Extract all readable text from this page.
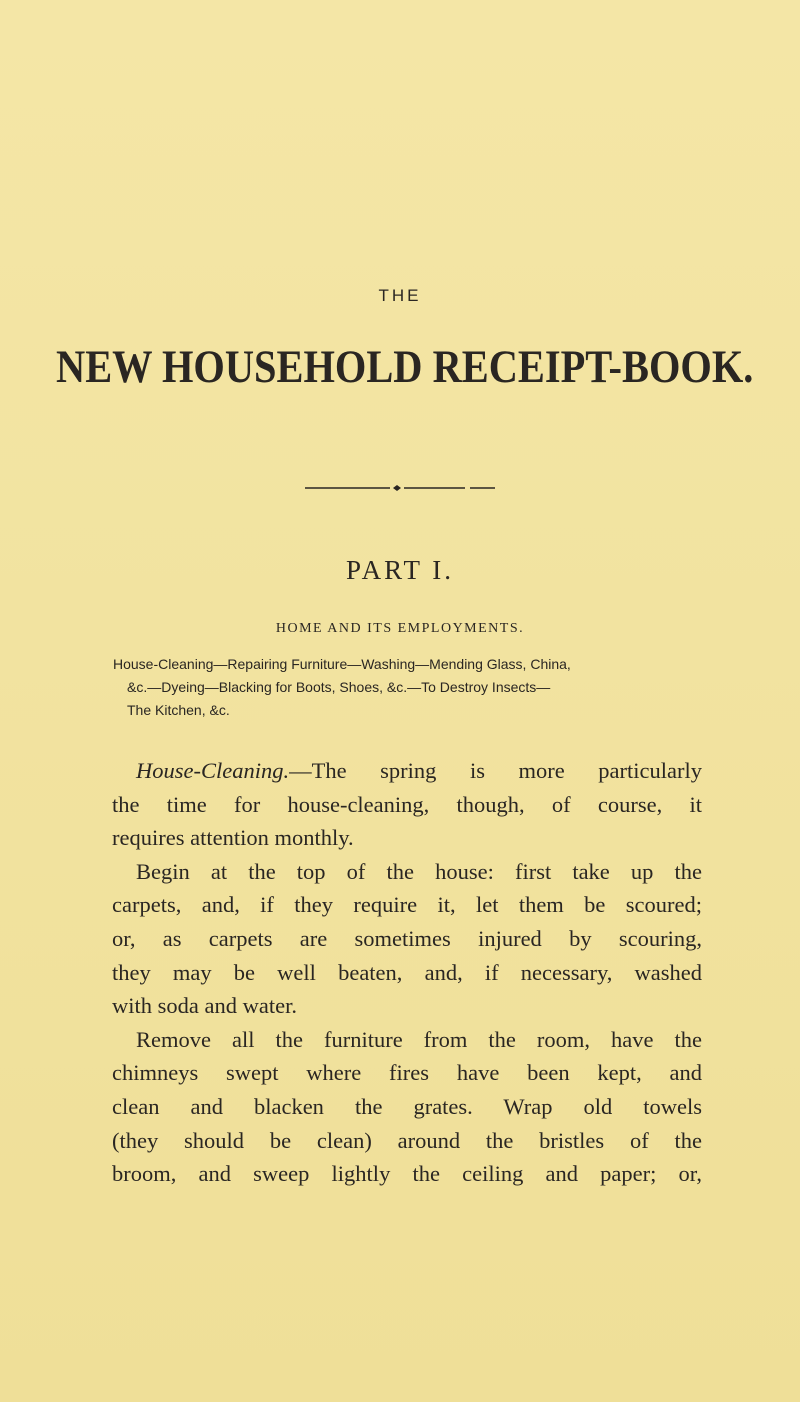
THE
NEW HOUSEHOLD RECEIPT-BOOK.
PART I.
HOME AND ITS EMPLOYMENTS.
House-Cleaning—Repairing Furniture—Washing—Mending Glass, China,
&c.—Dyeing—Blacking for Boots, Shoes, &c.—To Destroy Insects—
The Kitchen, &c.
House-Cleaning.—The spring is more particularly
the time for house-cleaning, though, of course, it
requires attention monthly.
Begin at the top of the house: first take up the
carpets, and, if they require it, let them be scoured;
or, as carpets are sometimes injured by scouring,
they may be well beaten, and, if necessary, washed
with soda and water.
Remove all the furniture from the room, have the
chimneys swept where fires have been kept, and
clean and blacken the grates. Wrap old towels
(they should be clean) around the bristles of the
broom, and sweep lightly the ceiling and paper; or,
